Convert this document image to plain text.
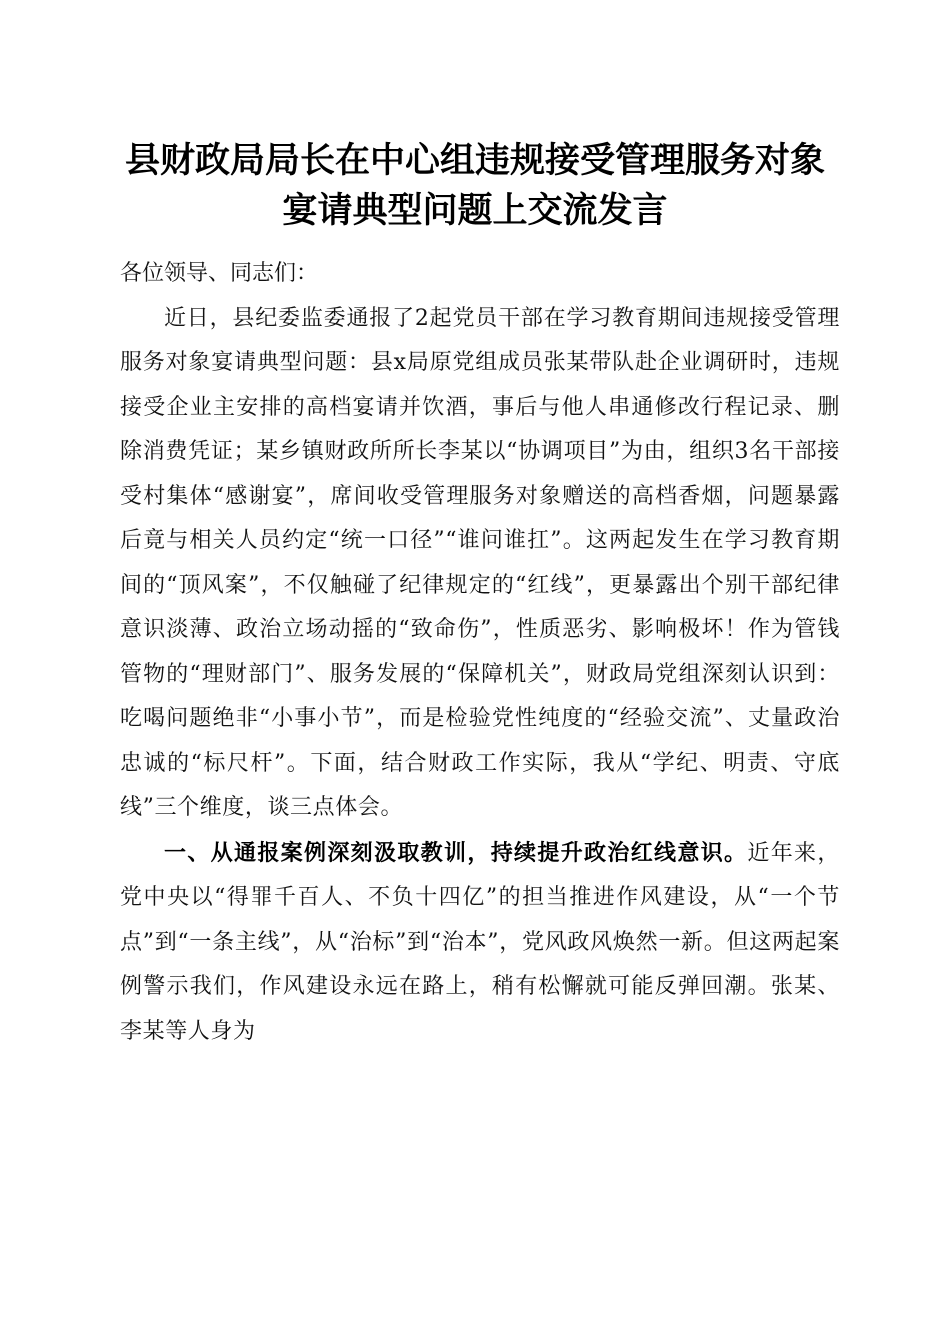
县财政局局长在中心组违规接受管理服务对象
宴请典型问题上交流发言

各位领导、同志们：

近日，县纪委监委通报了2起党员干部在学习教育期间违规接受管理服务对象宴请典型问题：县x局原党组成员张某带队赴企业调研时，违规接受企业主安排的高档宴请并饮酒，事后与他人串通修改行程记录、删除消费凭证；某乡镇财政所所长李某以“协调项目”为由，组织3名干部接受村集体“感谢宴”，席间收受管理服务对象赠送的高档香烟，问题暴露后竟与相关人员约定“统一口径”“谁问谁扛”。这两起发生在学习教育期间的“顶风案”，不仅触碰了纪律规定的“红线”，更暴露出个别干部纪律意识淡薄、政治立场动摇的“致命伤”，性质恶劣、影响极坏！作为管钱管物的“理财部门”、服务发展的“保障机关”，财政局党组深刻认识到：吃喝问题绝非“小事小节”，而是检验党性纯度的“经验交流”、丈量政治忠诚的“标尺杆”。下面，结合财政工作实际，我从“学纪、明责、守底线”三个维度，谈三点体会。

一、从通报案例深刻汲取教训，持续提升政治红线意识。近年来，党中央以“得罪千百人、不负十四亿”的担当推进作风建设，从“一个节点”到“一条主线”，从“治标”到“治本”，党风政风焕然一新。但这两起案例警示我们，作风建设永远在路上，稍有松懈就可能反弹回潮。张某、李某等人身为
